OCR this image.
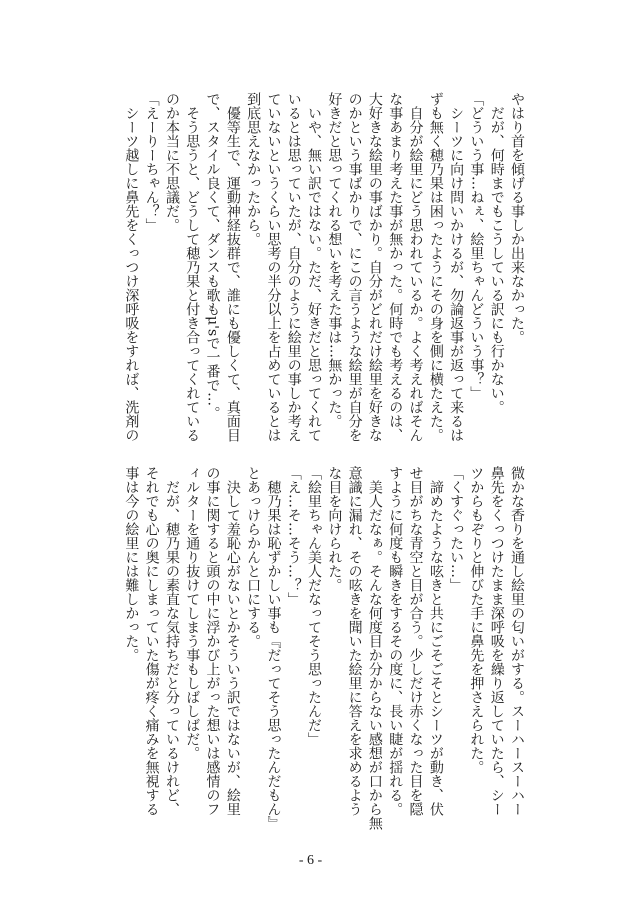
やはり首を傾げる事しか出来なかった。
　だが、何時までもこうしている訳にも行かない。
「どういう事…ねぇ、絵里ちゃんどういう事？」
　シーツに向け問いかけるが、勿論返事が返って来るは
ずも無く穂乃果は困ったようにその身を側に横たえた。
　自分が絵里にどう思われているか。よく考えればそん
な事あまり考えた事が無かった。何時でも考えるのは、
大好きな絵里の事ばかり。自分がどれだけ絵里を好きな
のかという事ばかりで、にこの言うような絵里が自分を
好きだと思ってくれる想いを考えた事は…無かった。
　いや、無い訳ではない。ただ、好きだと思ってくれて
いるとは思っていたが、自分のように絵里の事しか考え
ていないというくらい思考の半分以上を占めているとは
到底思えなかったから。
　優等生で、運動神経抜群で、誰にも優しくて、真面目
で、スタイル良くて、ダンスも歌もμ'sで一番で…。
　そう思うと、どうして穂乃果と付き合ってくれている
のか本当に不思議だ。
「えーりーちゃん？」
　シーツ越しに鼻先をくっつけ深呼吸をすれば、洗剤の
微かな香りを通し絵里の匂いがする。スーハースーハー
鼻先をくっつけたまま深呼吸を繰り返していたら、シー
ツからもぞりと伸びた手に鼻先を押さえられた。
「くすぐったい…」
　諦めたような呟きと共にごそごそとシーツが動き、伏
せ目がちな青空と目が合う。少しだけ赤くなった目を隠
すように何度も瞬きをするその度に、長い睫が揺れる。
　美人だなぁ。そんな何度目か分からない感想が口から無
意識に漏れ、その呟きを聞いた絵里に答えを求めるよう
な目を向けられた。
「絵里ちゃん美人だなってそう思ったんだ」
「え…そ…そう…？」
　穂乃果は恥ずかしい事も『だってそう思ったんだもん』
とあっけらかんと口にする。
　決して羞恥心がないとかそういう訳ではないが、絵里
の事に関すると頭の中に浮かび上がった想いは感情のフ
ィルターを通り抜けてしまう事もしばしばだ。
　だが、穂乃果の素直な気持ちだと分っているけれど、
それでも心の奥にしまっていた傷が疼く痛みを無視する
事は今の絵里には難しかった。
- 6 -
